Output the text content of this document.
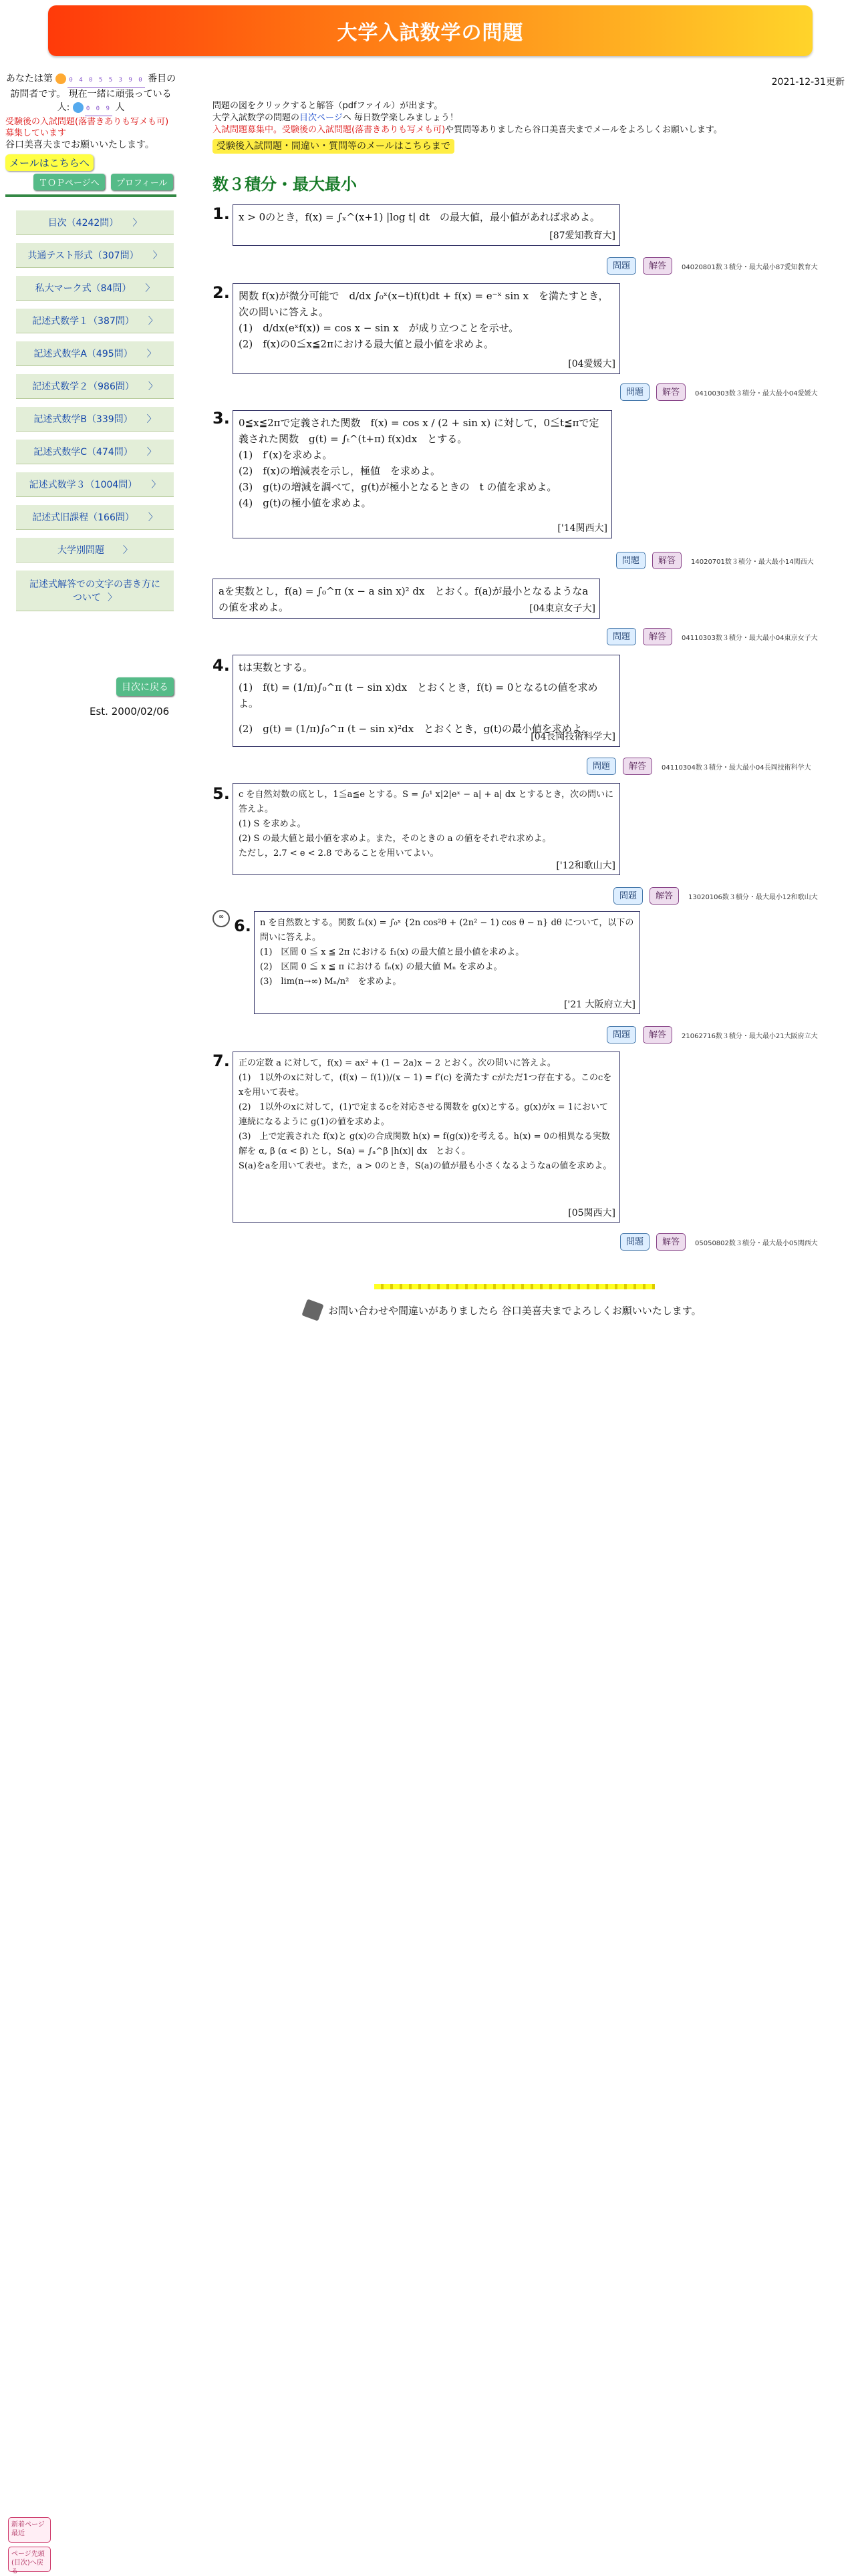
大学入試数学の問題
あなたは第	0 4 0 5 5 3 9 0 番目の訪問者です。 現在一緒に頑張っている人:	0 0 9 人
受験後の入試問題(落書きありも写メも可)募集しています
谷口美喜夫までお願いいたします。
メールはこちらへ
ＴＯＰページへ プロフィール
目次（4242問） 〉
共通テスト形式（307問） 〉
私大マーク式（84問） 〉
記述式数学１（387問） 〉
記述式数学A（495問） 〉
記述式数学２（986問） 〉
記述式数学B（339問） 〉
記述式数学C（474問） 〉
記述式数学３（1004問） 〉
記述式旧課程（166問） 〉
大学別問題 〉
記述式解答での文字の書き方について 〉
目次に戻る
Est. 2000/02/06
2021-12-31更新
問題の図をクリックすると解答（pdfファイル）が出ます。
大学入試数学の問題の目次ページへ 毎日数学楽しみましょう！
入試問題募集中。受験後の入試問題(落書きありも写メも可)や質問等ありましたら谷口美喜夫までメールをよろしくお願いします。
受験後入試問題・間違い・質問等のメールはこちらまで
数３積分・最大最小
1. x > 0のとき，f(x) = ∫ₓ^(x+1) |log t| dt　の最大値，最小値があれば求めよ。
[87愛知教育大]
問題	解答	04020801数３積分・最大最小87愛知教育大
2. 関数 f(x)が微分可能で　d/dx ∫₀ˣ(x−t)f(t)dt + f(x) = e⁻ˣ sin x　を満たすとき，次の問いに答えよ。
(1)　d/dx(eˣf(x)) = cos x − sin x　が成り立つことを示せ。
(2)　f(x)の0≦x≦2πにおける最大値と最小値を求めよ。
[04愛媛大]
問題	解答	04100303数３積分・最大最小04愛媛大
3. 0≦x≦2πで定義された関数　f(x) = cos x / (2 + sin x) に対して，0≦t≦πで定義された関数　g(t) = ∫ₜ^(t+π) f(x)dx　とする。
(1)　f′(x)を求めよ。
(2)　f(x)の増減表を示し，極値　を求めよ。
(3)　g(t)の増減を調べて，g(t)が極小となるときの　t の値を求めよ。
(4)　g(t)の極小値を求めよ。
['14関西大]
問題	解答	14020701数３積分・最大最小14関西大
aを実数とし，f(a) = ∫₀^π (x − a sin x)² dx　とおく。f(a)が最小となるようなaの値を求めよ。	[04東京女子大]
問題	解答	04110303数３積分・最大最小04東京女子大
4. tは実数とする。
(1)　f(t) = (1/π)∫₀^π (t − sin x)dx　とおくとき，f(t) = 0となるtの値を求めよ。
(2)　g(t) = (1/π)∫₀^π (t − sin x)²dx　とおくとき，g(t)の最小値を求めよ。
[04長岡技術科学大]
問題	解答	04110304数３積分・最大最小04長岡技術科学大
5. c を自然対数の底とし，1≦a≦e とする。S = ∫₀¹ x|2|eˣ − a| + a| dx とするとき，次の問いに答えよ。
(1) S を求めよ。
(2) S の最大値と最小値を求めよ。また，そのときの a の値をそれぞれ求めよ。
ただし，2.7 < e < 2.8 であることを用いてよい。
['12和歌山大]
問題	解答	13020106数３積分・最大最小12和歌山大
∞ 6. n を自然数とする。関数 fₙ(x) = ∫₀ˣ {2n cos²θ + (2n² − 1) cos θ − n} dθ について，以下の問いに答えよ。
(1)　区間 0 ≦ x ≦ 2π における f₁(x) の最大値と最小値を求めよ。
(2)　区間 0 ≦ x ≦ π における fₙ(x) の最大値 Mₙ を求めよ。
(3)　lim(n→∞) Mₙ/n²　を求めよ。
['21 大阪府立大]
問題	解答	21062716数３積分・最大最小21大阪府立大
7. 正の定数 a に対して，f(x) = ax² + (1 − 2a)x − 2 とおく。次の問いに答えよ。
(1)　1以外のxに対して，(f(x) − f(1))/(x − 1) = f′(c) を満たす cがただ1つ存在する。このcをxを用いて表せ。
(2)　1以外のxに対して，(1)で定まるcを対応させる関数を g(x)とする。g(x)がx = 1において連続になるように g(1)の値を求めよ。
(3)　上で定義された f(x)と g(x)の合成関数 h(x) = f(g(x))を考える。h(x) = 0の相異なる実数解を α, β (α < β) とし，S(a) = ∫ₐ^β |h(x)| dx　とおく。
S(a)をaを用いて表せ。また，a > 0のとき，S(a)の値が最も小さくなるようなaの値を求めよ。
[05関西大]
問題	解答	05050802数３積分・最大最小05関西大
お問い合わせや間違いがありましたら 谷口美喜夫までよろしくお願いいたします。
新着ページ 最近
ページ先頭 (目次)へ戻る
